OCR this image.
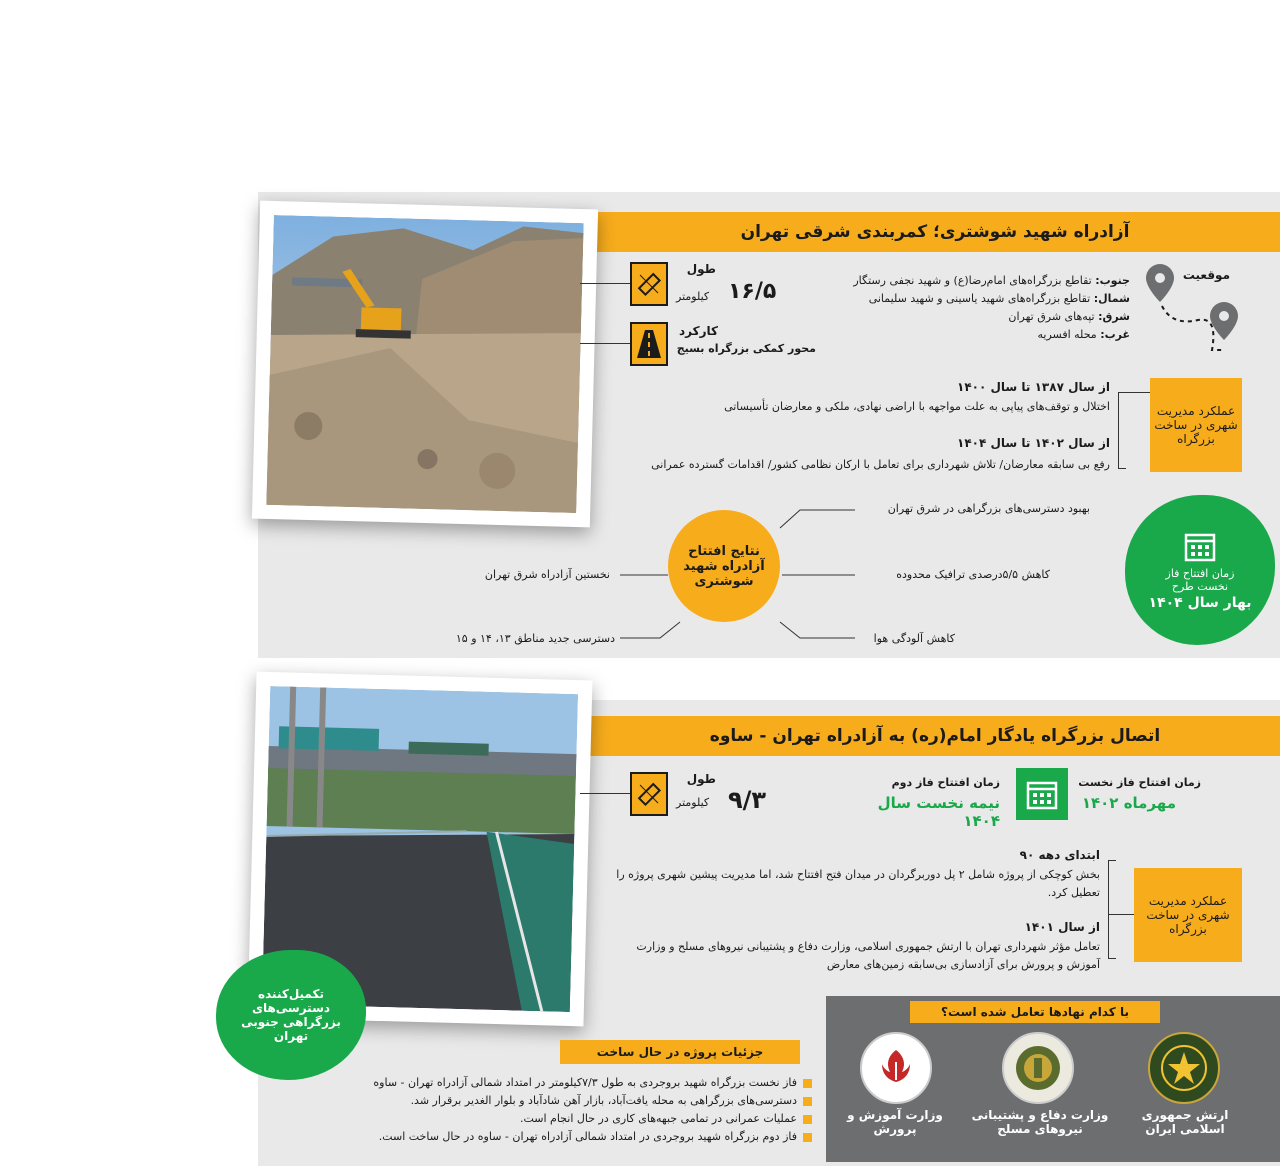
آزادراه شهید شوشتری؛ کمربندی شرقی تهران
طول
۱۶/۵
کیلومتر
کارکرد
محور کمکی بزرگراه بسیج
جنوب: تقاطع بزرگراه‌های امام‌رضا(ع) و شهید نجفی رستگار
شمال: تقاطع بزرگراه‌های شهید یاسینی و شهید سلیمانی
شرق: تپه‌های شرق تهران
غرب: محله افسریه
موقعیت
عملکرد مدیریت شهری در ساخت بزرگراه
از سال ۱۳۸۷ تا سال ۱۴۰۰
اختلال و توقف‌های پیاپی به علت مواجهه با اراضی نهادی، ملکی و معارضان تأسیساتی
از سال ۱۴۰۲ تا سال ۱۴۰۴
رفع بی سابقه معارضان/ تلاش شهرداری برای تعامل با ارکان نظامی کشور/ اقدامات گسترده عمرانی
نتایج افتتاح آزادراه شهید شوشتری
بهبود دسترسی‌های بزرگراهی در شرق تهران
کاهش ۵/۵درصدی ترافیک محدوده
کاهش آلودگی هوا
نخستین آزادراه شرق تهران
دسترسی جدید مناطق ۱۳، ۱۴ و ۱۵
زمان افتتاح فاز نخست طرح
بهار سال ۱۴۰۴
اتصال بزرگراه یادگار امام(ره) به آزادراه تهران - ساوه
طول
۹/۳
کیلومتر
زمان افتتاح فاز دوم
نیمه نخست سال ۱۴۰۴
زمان افتتاح فاز نخست
مهرماه ۱۴۰۲
عملکرد مدیریت شهری در ساخت بزرگراه
ابتدای دهه ۹۰
بخش کوچکی از پروژه شامل ۲ پل دوربرگردان در میدان فتح افتتاح شد، اما مدیریت پیشین شهری پروژه را تعطیل کرد.
از سال ۱۴۰۱
تعامل مؤثر شهرداری تهران با ارتش جمهوری اسلامی، وزارت دفاع و پشتیبانی نیروهای مسلح و وزارت آموزش و پرورش برای آزادسازی بی‌سابقه زمین‌های معارض
با کدام نهادها تعامل شده است؟
ارتش جمهوری اسلامی ایران
وزارت دفاع و پشتیبانی نیروهای مسلح
وزارت آموزش و پرورش
جزئیات پروژه در حال ساخت
فاز نخست بزرگراه شهید بروجردی به طول ۷/۳کیلومتر در امتداد شمالی آزادراه تهران - ساوه
دسترسی‌های بزرگراهی به محله یافت‌آباد، بازار آهن شادآباد و بلوار الغدیر برقرار شد.
عملیات عمرانی در تمامی جبهه‌های کاری در حال انجام است.
فاز دوم بزرگراه شهید بروجردی در امتداد شمالی آزادراه تهران - ساوه در حال ساخت است.
تکمیل‌کننده دسترسی‌های بزرگراهی جنوبی تهران
